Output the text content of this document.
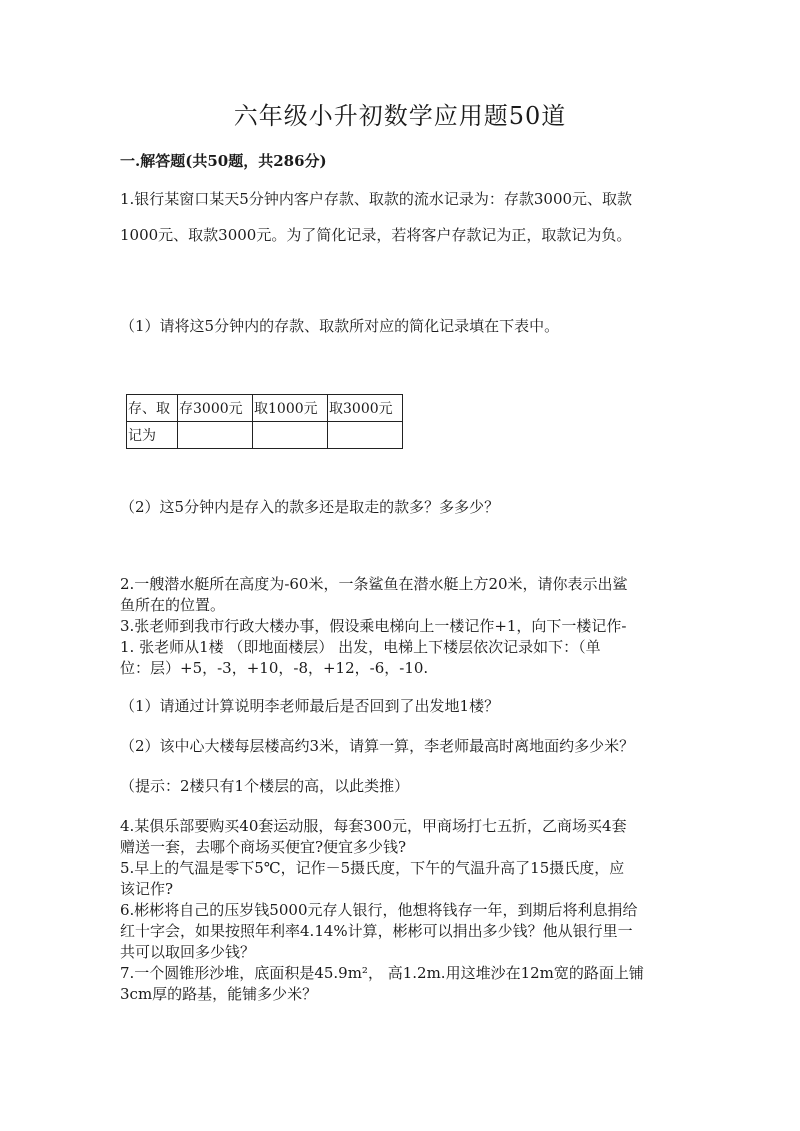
六年级小升初数学应用题50道
一.解答题(共50题，共286分)
1.银行某窗口某天5分钟内客户存款、取款的流水记录为：存款3000元、取款
1000元、取款3000元。为了简化记录，若将客户存款记为正，取款记为负。
（1）请将这5分钟内的存款、取款所对应的简化记录填在下表中。
存、取	存3000元	取1000元	取3000元
记为			
（2）这5分钟内是存入的款多还是取走的款多？多多少？
2.一艘潜水艇所在高度为-60米，一条鲨鱼在潜水艇上方20米，请你表示出鲨
鱼所在的位置。
3.张老师到我市行政大楼办事，假设乘电梯向上一楼记作+1，向下一楼记作-
1. 张老师从1楼 （即地面楼层） 出发，电梯上下楼层依次记录如下：（单
位：层）+5，-3，+10，-8，+12，-6，-10.
（1）请通过计算说明李老师最后是否回到了出发地1楼？
（2）该中心大楼每层楼高约3米，请算一算，李老师最高时离地面约多少米？
（提示：2楼只有1个楼层的高，以此类推）
4.某俱乐部要购买40套运动服，每套300元，甲商场打七五折，乙商场买4套
赠送一套，去哪个商场买便宜?便宜多少钱?
5.早上的气温是零下5℃，记作－5摄氏度，下午的气温升高了15摄氏度，应
该记作?
6.彬彬将自己的压岁钱5000元存人银行，他想将钱存一年，到期后将利息捐给
红十字会，如果按照年利率4.14%计算，彬彬可以捐出多少钱？他从银行里一
共可以取回多少钱？
7.一个圆锥形沙堆，底面积是45.9m²， 高1.2m.用这堆沙在12m宽的路面上铺
3cm厚的路基，能铺多少米？
